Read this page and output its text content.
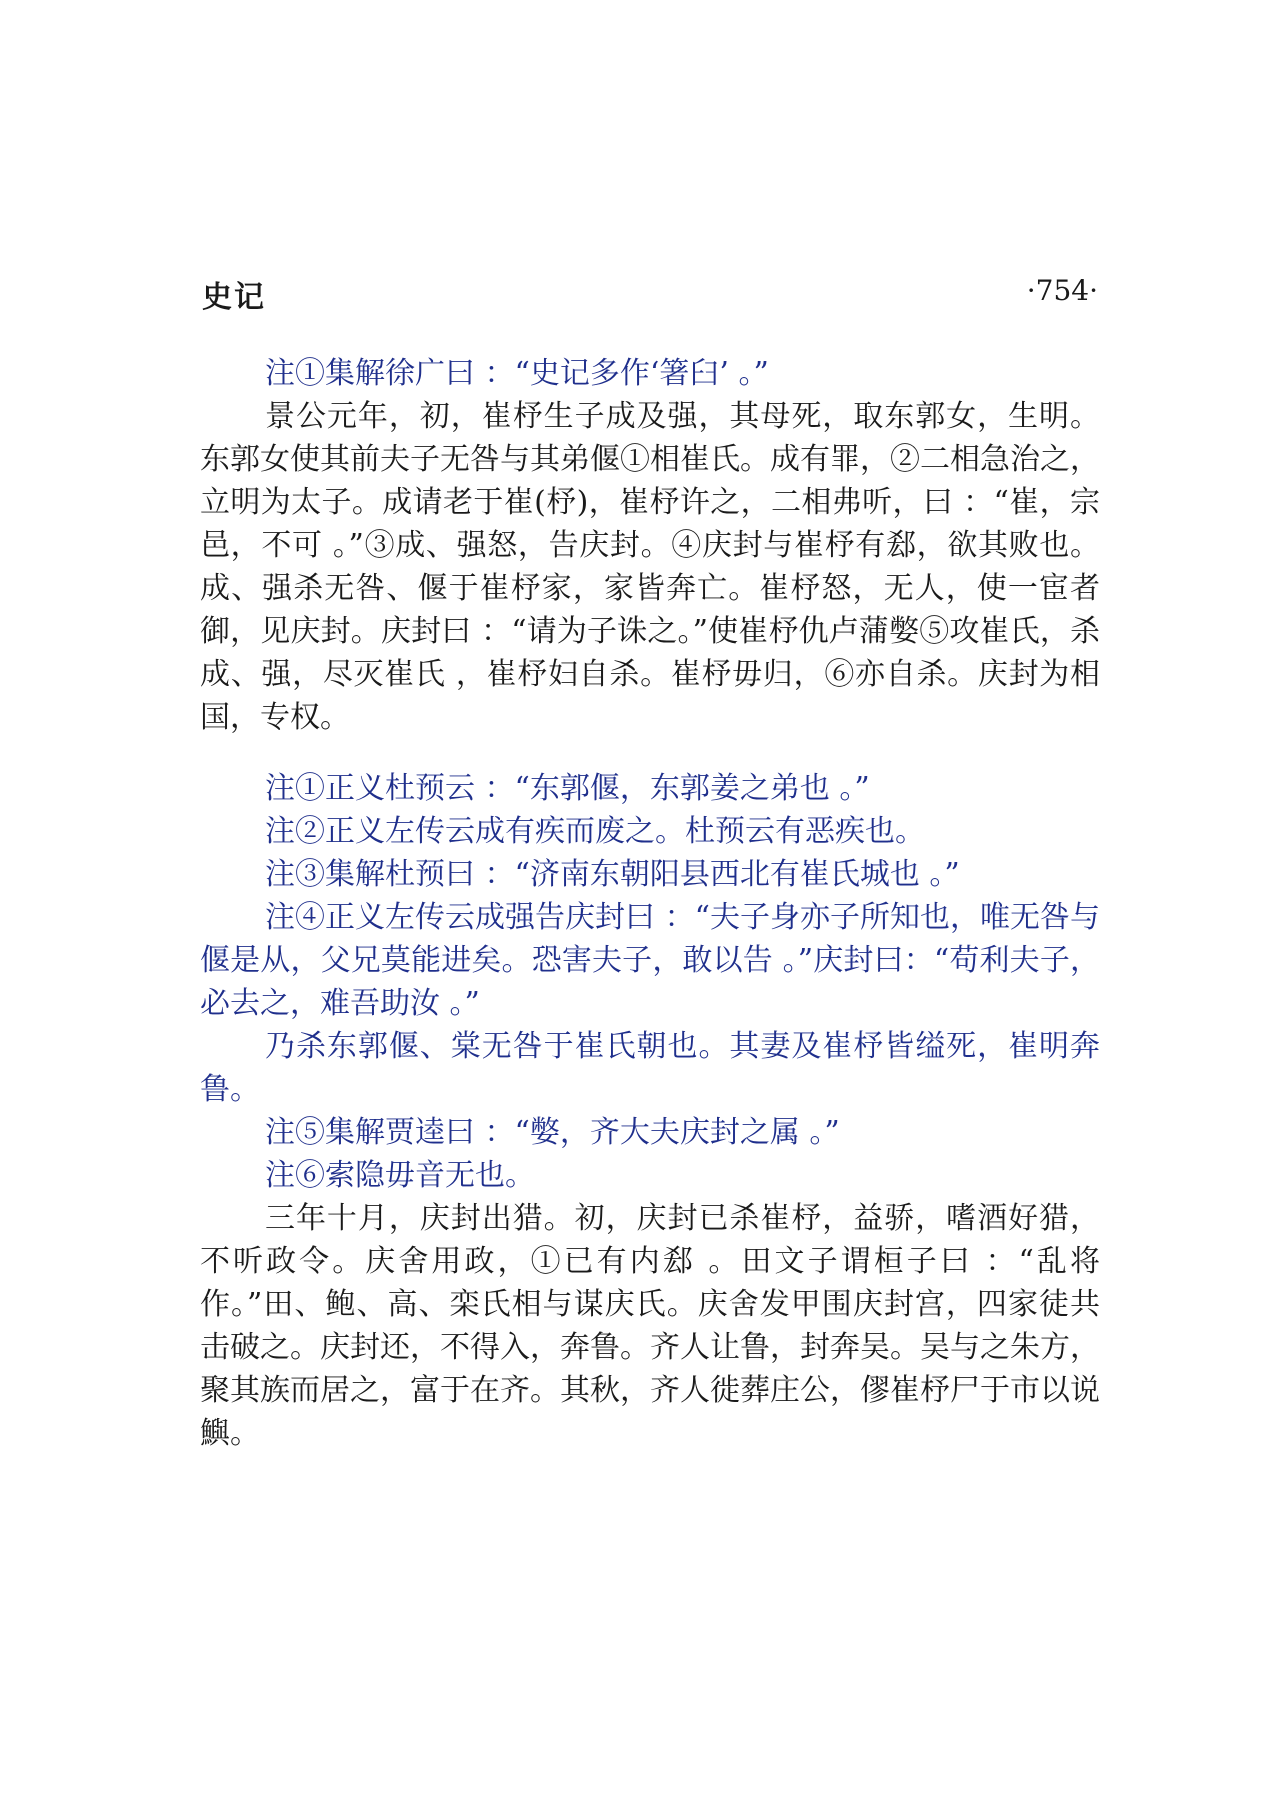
史记	·754·

注①集解徐广曰 ：“史记多作‘箸臼’ 。”

景公元年，初，崔杼生子成及强，其母死，取东郭女，生明。东郭女使其前夫子无咎与其弟偃①相崔氏。成有罪，②二相急治之，立明为太子。成请老于崔(杼)，崔杼许之，二相弗听，曰 ：“崔，宗邑，不可 。”③成、强怒，告庆封。④庆封与崔杼有郄，欲其败也。成、强杀无咎、偃于崔杼家，家皆奔亡。崔杼怒，无人，使一宦者御，见庆封。庆封曰 ：“请为子诛之。”使崔杼仇卢蒲嫳⑤攻崔氏，杀成、强，尽灭崔氏 ，崔杼妇自杀。崔杼毋归，⑥亦自杀。庆封为相国，专权。

注①正义杜预云 ：“东郭偃，东郭姜之弟也 。”

注②正义左传云成有疾而废之。杜预云有恶疾也。

注③集解杜预曰 ：“济南东朝阳县西北有崔氏城也 。”

注④正义左传云成强告庆封曰 ：“夫子身亦子所知也，唯无咎与偃是从，父兄莫能进矣。恐害夫子，敢以告 。”庆封曰：“苟利夫子，必去之，难吾助汝 。”

乃杀东郭偃、棠无咎于崔氏朝也。其妻及崔杼皆缢死，崔明奔鲁。

注⑤集解贾逵曰 ：“嫳，齐大夫庆封之属 。”

注⑥索隐毋音无也。

三年十月，庆封出猎。初，庆封已杀崔杼，益骄，嗜酒好猎，不听政令。庆舍用政，①已有内郄 。田文子谓桓子曰 ：“乱将作。”田、鲍、高、栾氏相与谋庆氏。庆舍发甲围庆封宫，四家徒共击破之。庆封还，不得入，奔鲁。齐人让鲁，封奔吴。吴与之朱方，聚其族而居之，富于在齐。其秋，齐人徙葬庄公，僇崔杼尸于市以说鱮。
